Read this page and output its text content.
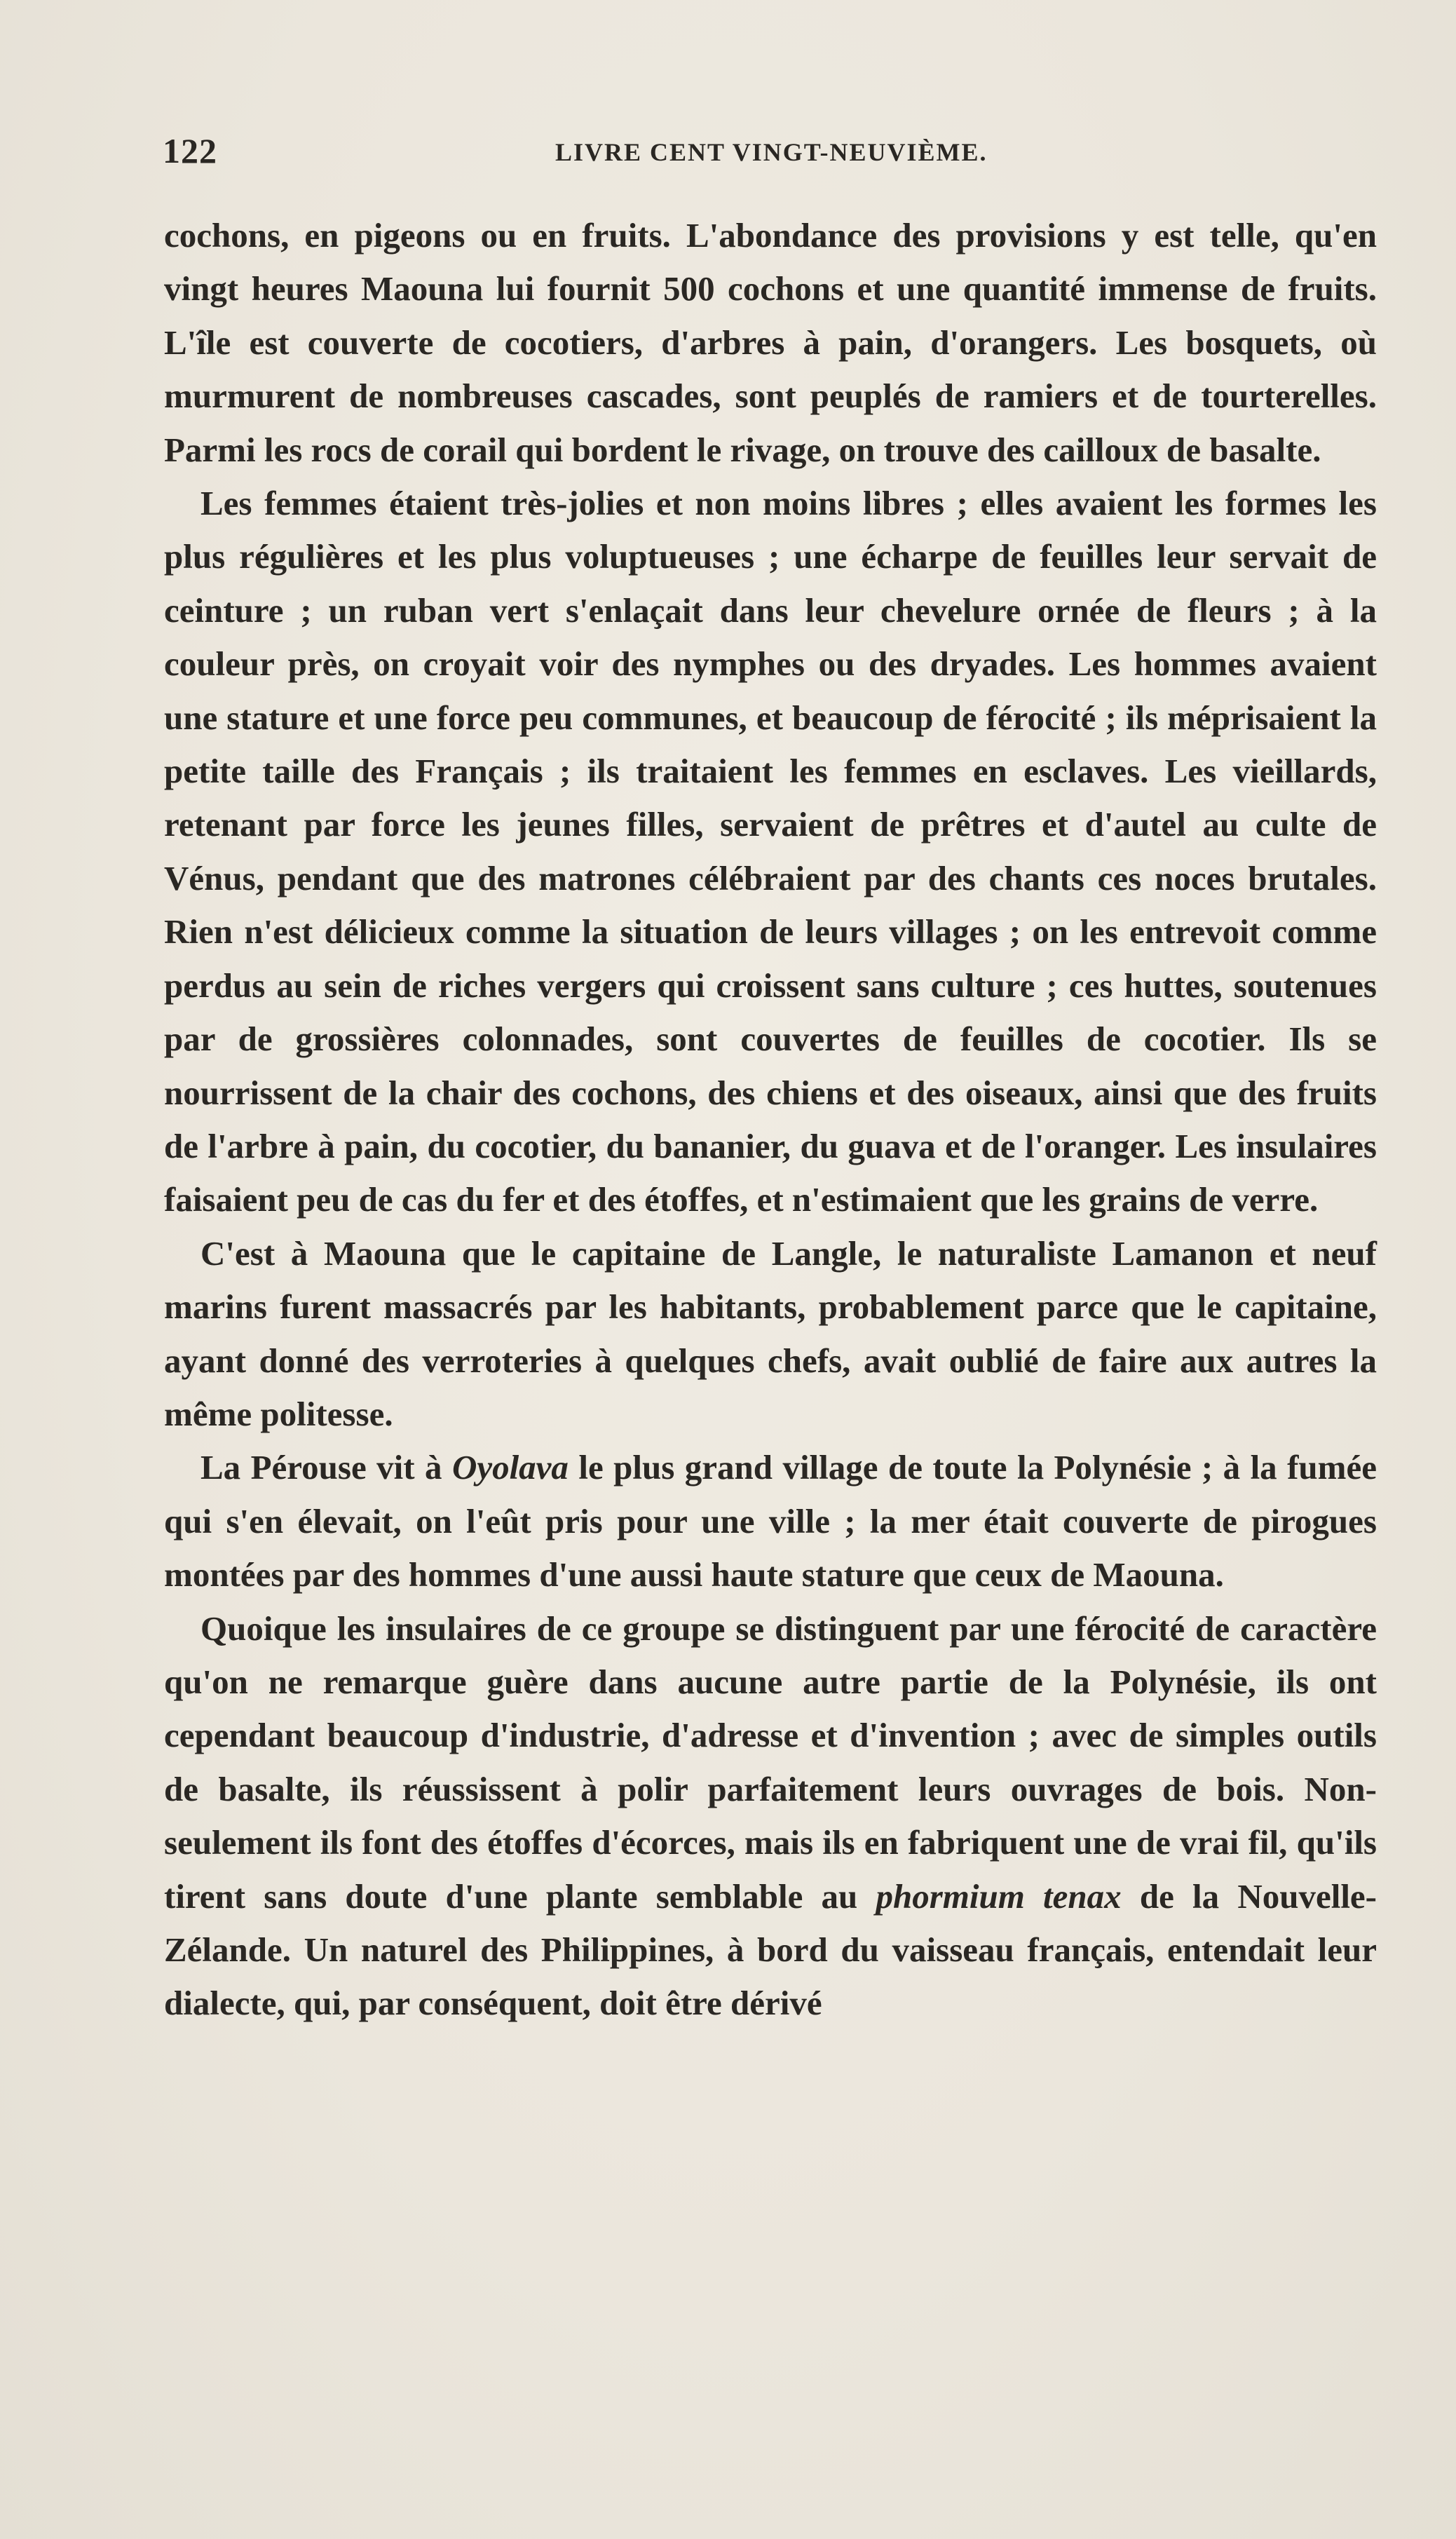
122	LIVRE CENT VINGT-NEUVIÈME.

cochons, en pigeons ou en fruits. L'abondance des provisions y est telle, qu'en vingt heures Maouna lui fournit 500 cochons et une quantité immense de fruits. L'île est couverte de cocotiers, d'arbres à pain, d'orangers. Les bosquets, où murmurent de nombreuses cascades, sont peuplés de ramiers et de tourterelles. Parmi les rocs de corail qui bordent le rivage, on trouve des cailloux de basalte.

Les femmes étaient très-jolies et non moins libres ; elles avaient les formes les plus régulières et les plus voluptueuses ; une écharpe de feuilles leur servait de ceinture ; un ruban vert s'enlaçait dans leur chevelure ornée de fleurs ; à la couleur près, on croyait voir des nymphes ou des dryades. Les hommes avaient une stature et une force peu communes, et beaucoup de férocité ; ils méprisaient la petite taille des Français ; ils traitaient les femmes en esclaves. Les vieillards, retenant par force les jeunes filles, servaient de prêtres et d'autel au culte de Vénus, pendant que des matrones célébraient par des chants ces noces brutales. Rien n'est délicieux comme la situation de leurs villages ; on les entrevoit comme perdus au sein de riches vergers qui croissent sans culture ; ces huttes, soutenues par de grossières colonnades, sont couvertes de feuilles de cocotier. Ils se nourrissent de la chair des cochons, des chiens et des oiseaux, ainsi que des fruits de l'arbre à pain, du cocotier, du bananier, du guava et de l'oranger. Les insulaires faisaient peu de cas du fer et des étoffes, et n'estimaient que les grains de verre.

C'est à Maouna que le capitaine de Langle, le naturaliste Lamanon et neuf marins furent massacrés par les habitants, probablement parce que le capitaine, ayant donné des verroteries à quelques chefs, avait oublié de faire aux autres la même politesse.

La Pérouse vit à Oyolava le plus grand village de toute la Polynésie ; à la fumée qui s'en élevait, on l'eût pris pour une ville ; la mer était couverte de pirogues montées par des hommes d'une aussi haute stature que ceux de Maouna.

Quoique les insulaires de ce groupe se distinguent par une férocité de caractère qu'on ne remarque guère dans aucune autre partie de la Polynésie, ils ont cependant beaucoup d'industrie, d'adresse et d'invention ; avec de simples outils de basalte, ils réussissent à polir parfaitement leurs ouvrages de bois. Non-seulement ils font des étoffes d'écorces, mais ils en fabriquent une de vrai fil, qu'ils tirent sans doute d'une plante semblable au phormium tenax de la Nouvelle-Zélande. Un naturel des Philippines, à bord du vaisseau français, entendait leur dialecte, qui, par conséquent, doit être dérivé
